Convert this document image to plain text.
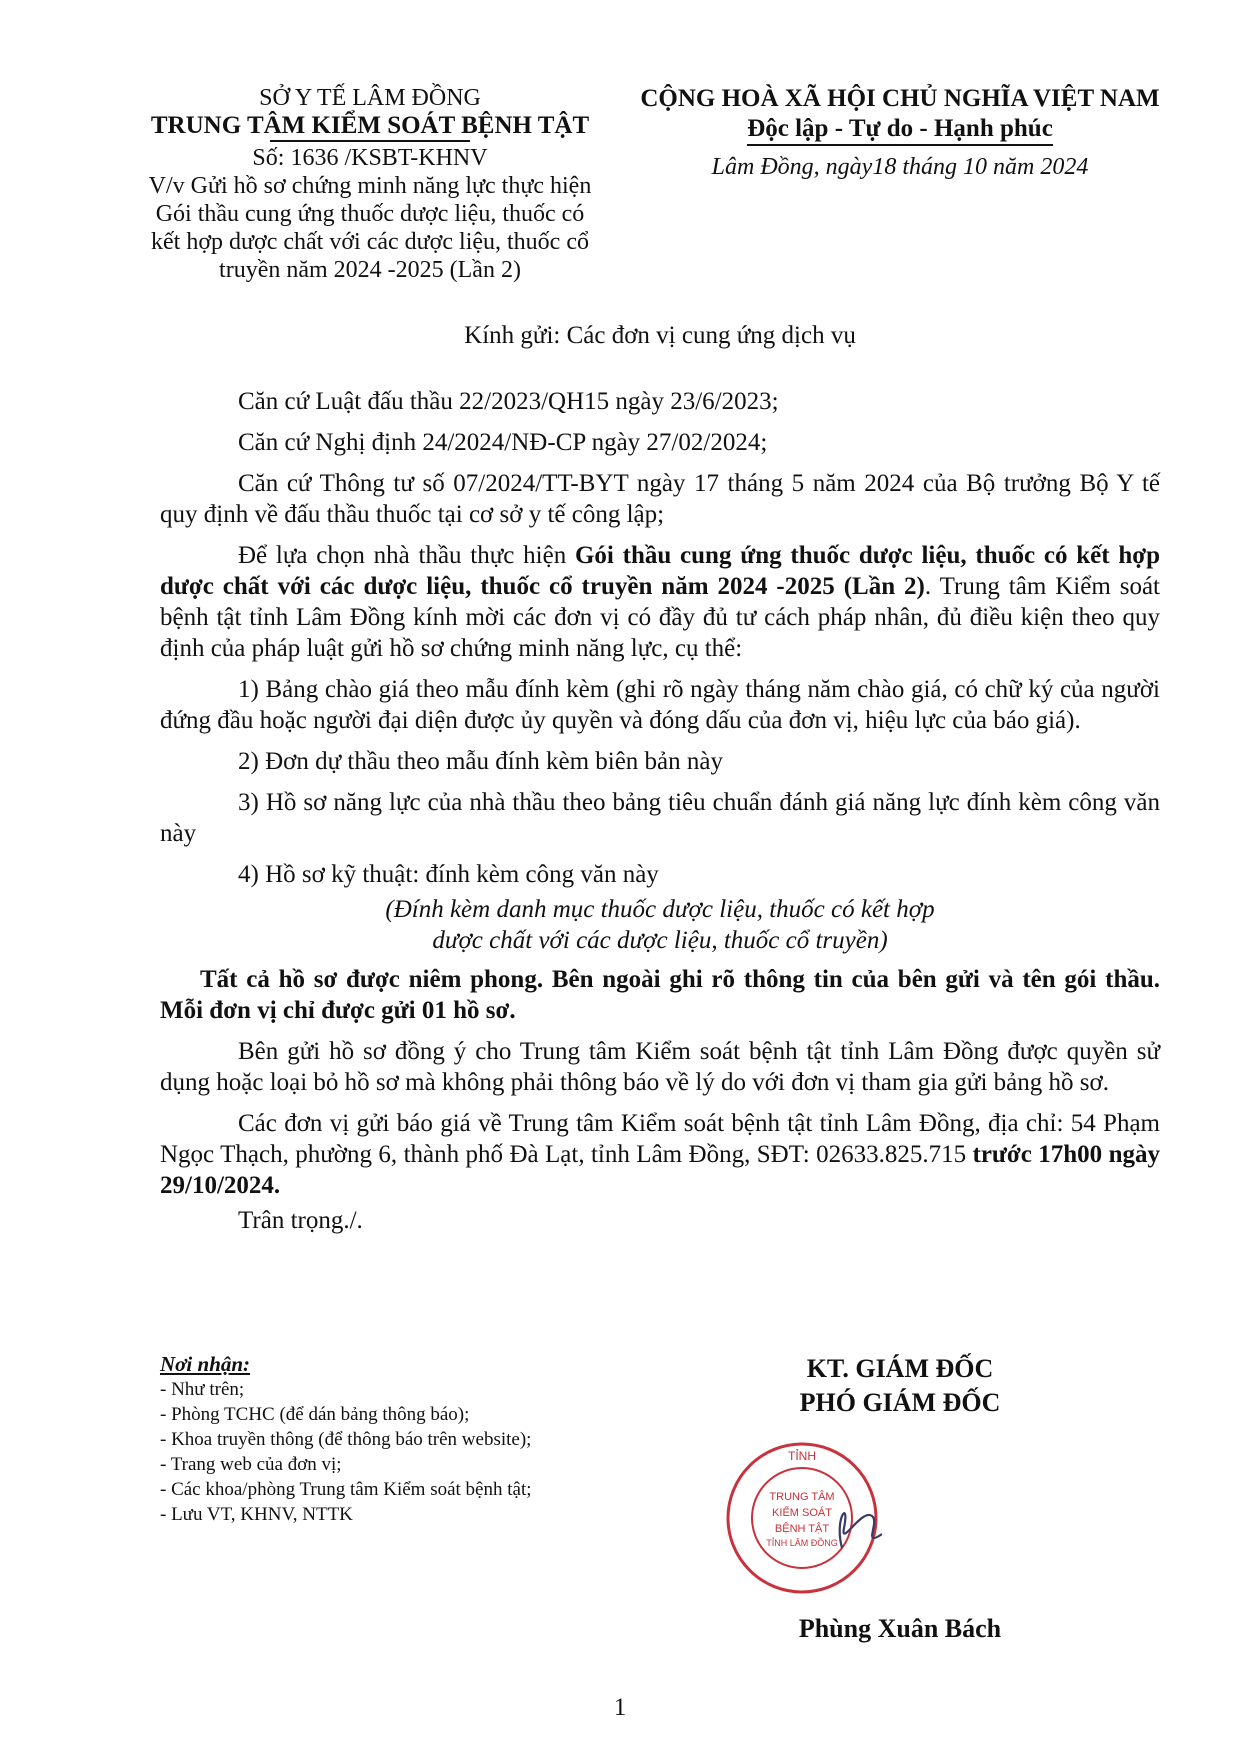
SỞ Y TẾ LÂM ĐỒNG
TRUNG TÂM KIỂM SOÁT BỆNH TẬT
Số: 1636 /KSBT-KHNV
V/v Gửi hồ sơ chứng minh năng lực thực hiện
Gói thầu cung ứng thuốc dược liệu, thuốc có
kết hợp dược chất với các dược liệu, thuốc cổ
truyền năm 2024 -2025 (Lần 2)
CỘNG HOÀ XÃ HỘI CHỦ NGHĨA VIỆT NAM
Độc lập - Tự do - Hạnh phúc
Lâm Đồng, ngày18 tháng 10 năm 2024
Kính gửi: Các đơn vị cung ứng dịch vụ
Căn cứ Luật đấu thầu 22/2023/QH15 ngày 23/6/2023;
Căn cứ Nghị định 24/2024/NĐ-CP ngày 27/02/2024;
Căn cứ Thông tư số 07/2024/TT-BYT ngày 17 tháng 5 năm 2024 của Bộ trưởng Bộ Y tế quy định về đấu thầu thuốc tại cơ sở y tế công lập;
Để lựa chọn nhà thầu thực hiện Gói thầu cung ứng thuốc dược liệu, thuốc có kết hợp dược chất với các dược liệu, thuốc cổ truyền năm 2024 -2025 (Lần 2). Trung tâm Kiểm soát bệnh tật tỉnh Lâm Đồng kính mời các đơn vị có đầy đủ tư cách pháp nhân, đủ điều kiện theo quy định của pháp luật gửi hồ sơ chứng minh năng lực, cụ thể:
1) Bảng chào giá theo mẫu đính kèm (ghi rõ ngày tháng năm chào giá, có chữ ký của người đứng đầu hoặc người đại diện được ủy quyền và đóng dấu của đơn vị, hiệu lực của báo giá).
2) Đơn dự thầu theo mẫu đính kèm biên bản này
3) Hồ sơ năng lực của nhà thầu theo bảng tiêu chuẩn đánh giá năng lực đính kèm công văn này
4) Hồ sơ kỹ thuật: đính kèm công văn này
(Đính kèm danh mục thuốc dược liệu, thuốc có kết hợp
dược chất với các dược liệu, thuốc cổ truyền)
Tất cả hồ sơ được niêm phong. Bên ngoài ghi rõ thông tin của bên gửi và tên gói thầu. Mỗi đơn vị chỉ được gửi 01 hồ sơ.
Bên gửi hồ sơ đồng ý cho Trung tâm Kiểm soát bệnh tật tỉnh Lâm Đồng được quyền sử dụng hoặc loại bỏ hồ sơ mà không phải thông báo về lý do với đơn vị tham gia gửi bảng hồ sơ.
Các đơn vị gửi báo giá về Trung tâm Kiểm soát bệnh tật tỉnh Lâm Đồng, địa chỉ: 54 Phạm Ngọc Thạch, phường 6, thành phố Đà Lạt, tỉnh Lâm Đồng, SĐT: 02633.825.715 trước 17h00 ngày 29/10/2024.
Trân trọng./.
Nơi nhận:
- Như trên;
- Phòng TCHC (để dán bảng thông báo);
- Khoa truyền thông (để thông báo trên website);
- Trang web của đơn vị;
- Các khoa/phòng Trung tâm Kiểm soát bệnh tật;
- Lưu VT, KHNV, NTTK
KT. GIÁM ĐỐC
PHÓ GIÁM ĐỐC
TỈNH
TRUNG TÂM
KIỂM SOÁT
BỆNH TẬT
TỈNH LÂM ĐỒNG
Phùng Xuân Bách
1
